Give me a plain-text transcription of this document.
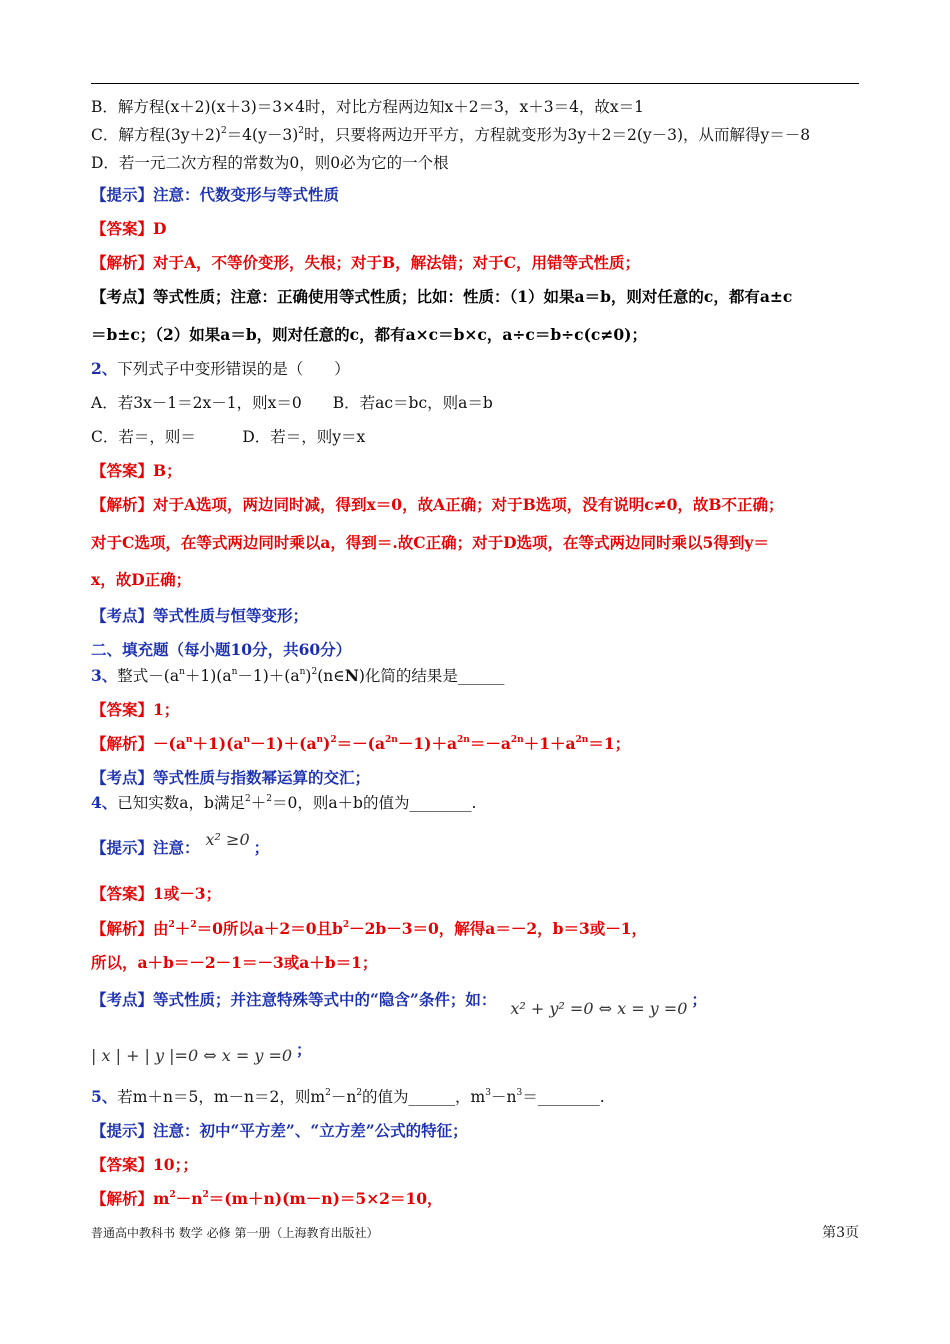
B．解方程(x＋2)(x＋3)＝3×4时，对比方程两边知x＋2＝3，x＋3＝4，故x＝1
C．解方程$(3y+2)^2=4(y-3)^2$时，只要将两边开平方，方程就变形为3y＋2＝2(y－3)，从而解得y＝－8
D．若一元二次方程的常数为0，则0必为它的一个根
【提示】注意：代数变形与等式性质
【答案】D
【解析】对于A，不等价变形，失根；对于B，解法错；对于C，用错等式性质；
【考点】等式性质；注意：正确使用等式性质；比如：性质：（1）如果a＝b，则对任意的c，都有a±c
＝b±c；（2）如果a＝b，则对任意的c，都有a×c＝b×c，a÷c＝b÷c(c≠0)；
2、下列式子中变形错误的是（　　）
A．若3x－1＝2x－1，则x＝0　　B．若ac＝bc，则a＝b
C．若＝，则＝　　　D．若＝，则y＝x
【答案】B；
【解析】对于A选项，两边同时减，得到x＝0，故A正确；对于B选项，没有说明c≠0，故B不正确；
对于C选项，在等式两边同时乘以a，得到＝.故C正确；对于D选项，在等式两边同时乘以5得到y＝
x，故D正确；
【考点】等式性质与恒等变形；
二、填充题（每小题10分，共60分）
3、整式$-(a^n+1)(a^n-1)+(a^n)^2(n\in N)$化简的结果是______
【答案】1；
【解析】$-(a^n+1)(a^n-1)+(a^n)^2=-(a^{2n}-1)+a^{2n}=-a^{2n}+1+a^{2n}=1$；
【考点】等式性质与指数幂运算的交汇；
4、已知实数a，b满足$^2$＋$^2$＝0，则a＋b的值为________.
【提示】注意： x² ≥0 ；
【答案】1或－3；
【解析】由$^2$＋$^2$＝0所以a＋2＝0且$b^2-2b-3=0$，解得a＝－2，b＝3或－1，
所以，a＋b＝－2－1＝－3或a＋b＝1；
【考点】等式性质；并注意特殊等式中的“隐含”条件；如： x² + y² =0 ⇔ x = y =0 ；
| x | + | y |=0 ⇔ x = y =0 ；
5、若m＋n＝5，m－n＝2，则$m^2-n^2$的值为______，$m^3-n^3=\_\_\_\_\_\_\_\_$.
【提示】注意：初中“平方差”、“立方差”公式的特征；
【答案】10；；
【解析】$m^2-n^2=(m+n)(m-n)=5\times 2=10$，
普通高中教科书 数学 必修 第一册（上海教育出版社）	第3页
